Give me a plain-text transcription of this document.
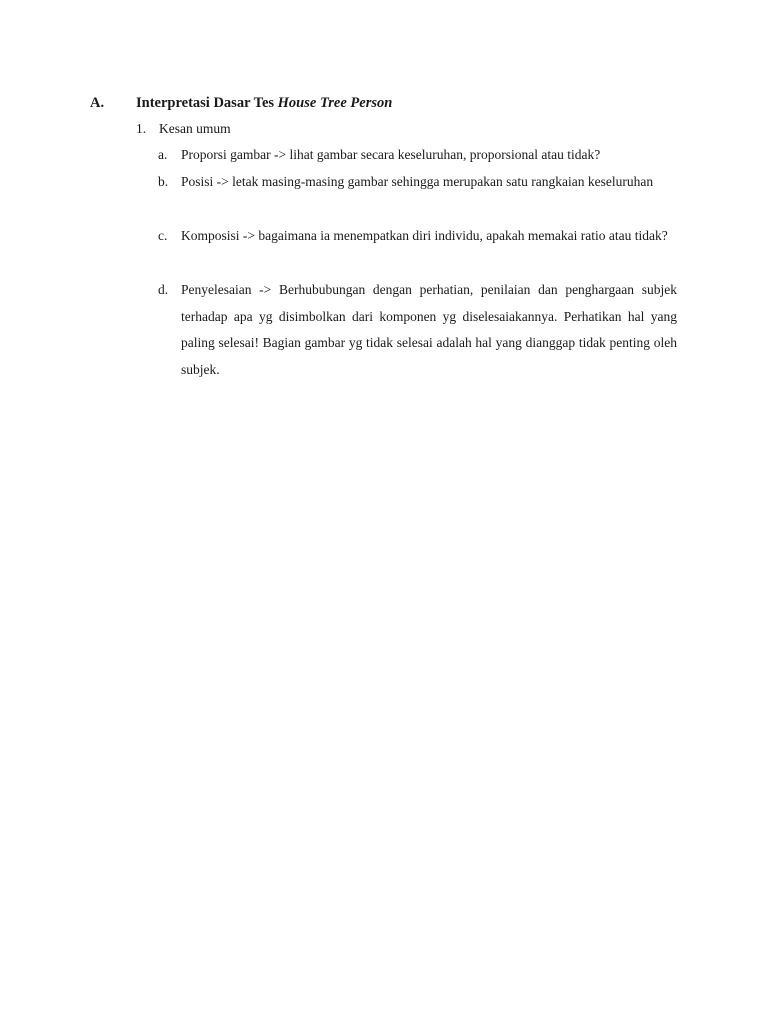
A. Interpretasi Dasar Tes House Tree Person
1. Kesan umum
a. Proporsi gambar -> lihat gambar secara keseluruhan, proporsional atau tidak?
b. Posisi -> letak masing-masing gambar sehingga merupakan satu rangkaian keseluruhan
c. Komposisi -> bagaimana ia menempatkan diri individu, apakah memakai ratio atau tidak?
d. Penyelesaian -> Berhububungan dengan perhatian, penilaian dan penghargaan subjek terhadap apa yg disimbolkan dari komponen yg diselesaiakannya. Perhatikan hal yang paling selesai! Bagian gambar yg tidak selesai adalah hal yang dianggap tidak penting oleh subjek.
